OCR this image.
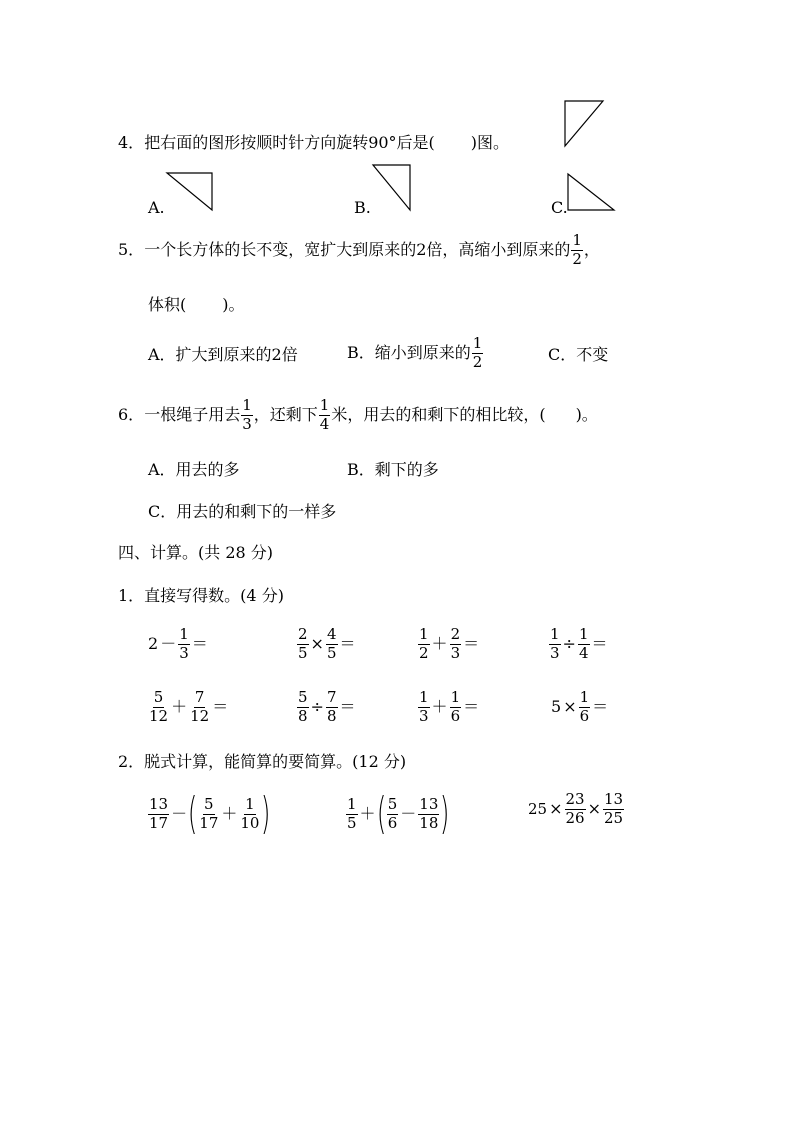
4．把右面的图形按顺时针方向旋转90°后是( )图。
A.	B.	C.
5． 一个长方体的长不变，宽扩大到原来的2倍，高缩小到原来的 $\frac{1}{2}$ ，
体积( )。
A．扩大到原来的2倍	B．缩小到原来的 $\frac{1}{2}$	C．不变
6． 一根绳子用去 $\frac{1}{3}$ ，还剩下 $\frac{1}{4}$ 米，用去的和剩下的相比较，( )。
A．用去的多	B．剩下的多
C．用去的和剩下的一样多
四、计算。(共 28 分)
1．直接写得数。(4 分)
$2 - \frac{1}{3}$ ＝	$\frac{2}{5} \times \frac{4}{5}$ ＝	$\frac{1}{2} + \frac{2}{3}$ ＝	$\frac{1}{3} \div \frac{1}{4}$ ＝
$\frac{5}{12} + \frac{7}{12}$ ＝	$\frac{5}{8} \div \frac{7}{8}$ ＝	$\frac{1}{3} + \frac{1}{6}$ ＝	$5 \times \frac{1}{6}$ ＝
2．脱式计算，能简算的要简算。(12 分)
$\frac{13}{17}$ － ( $\frac{5}{17} + \frac{1}{10}$ )	$\frac{1}{5}$ ＋ ( $\frac{5}{6} - \frac{13}{18}$ )	$25 \times \frac{23}{26} \times \frac{13}{25}$
